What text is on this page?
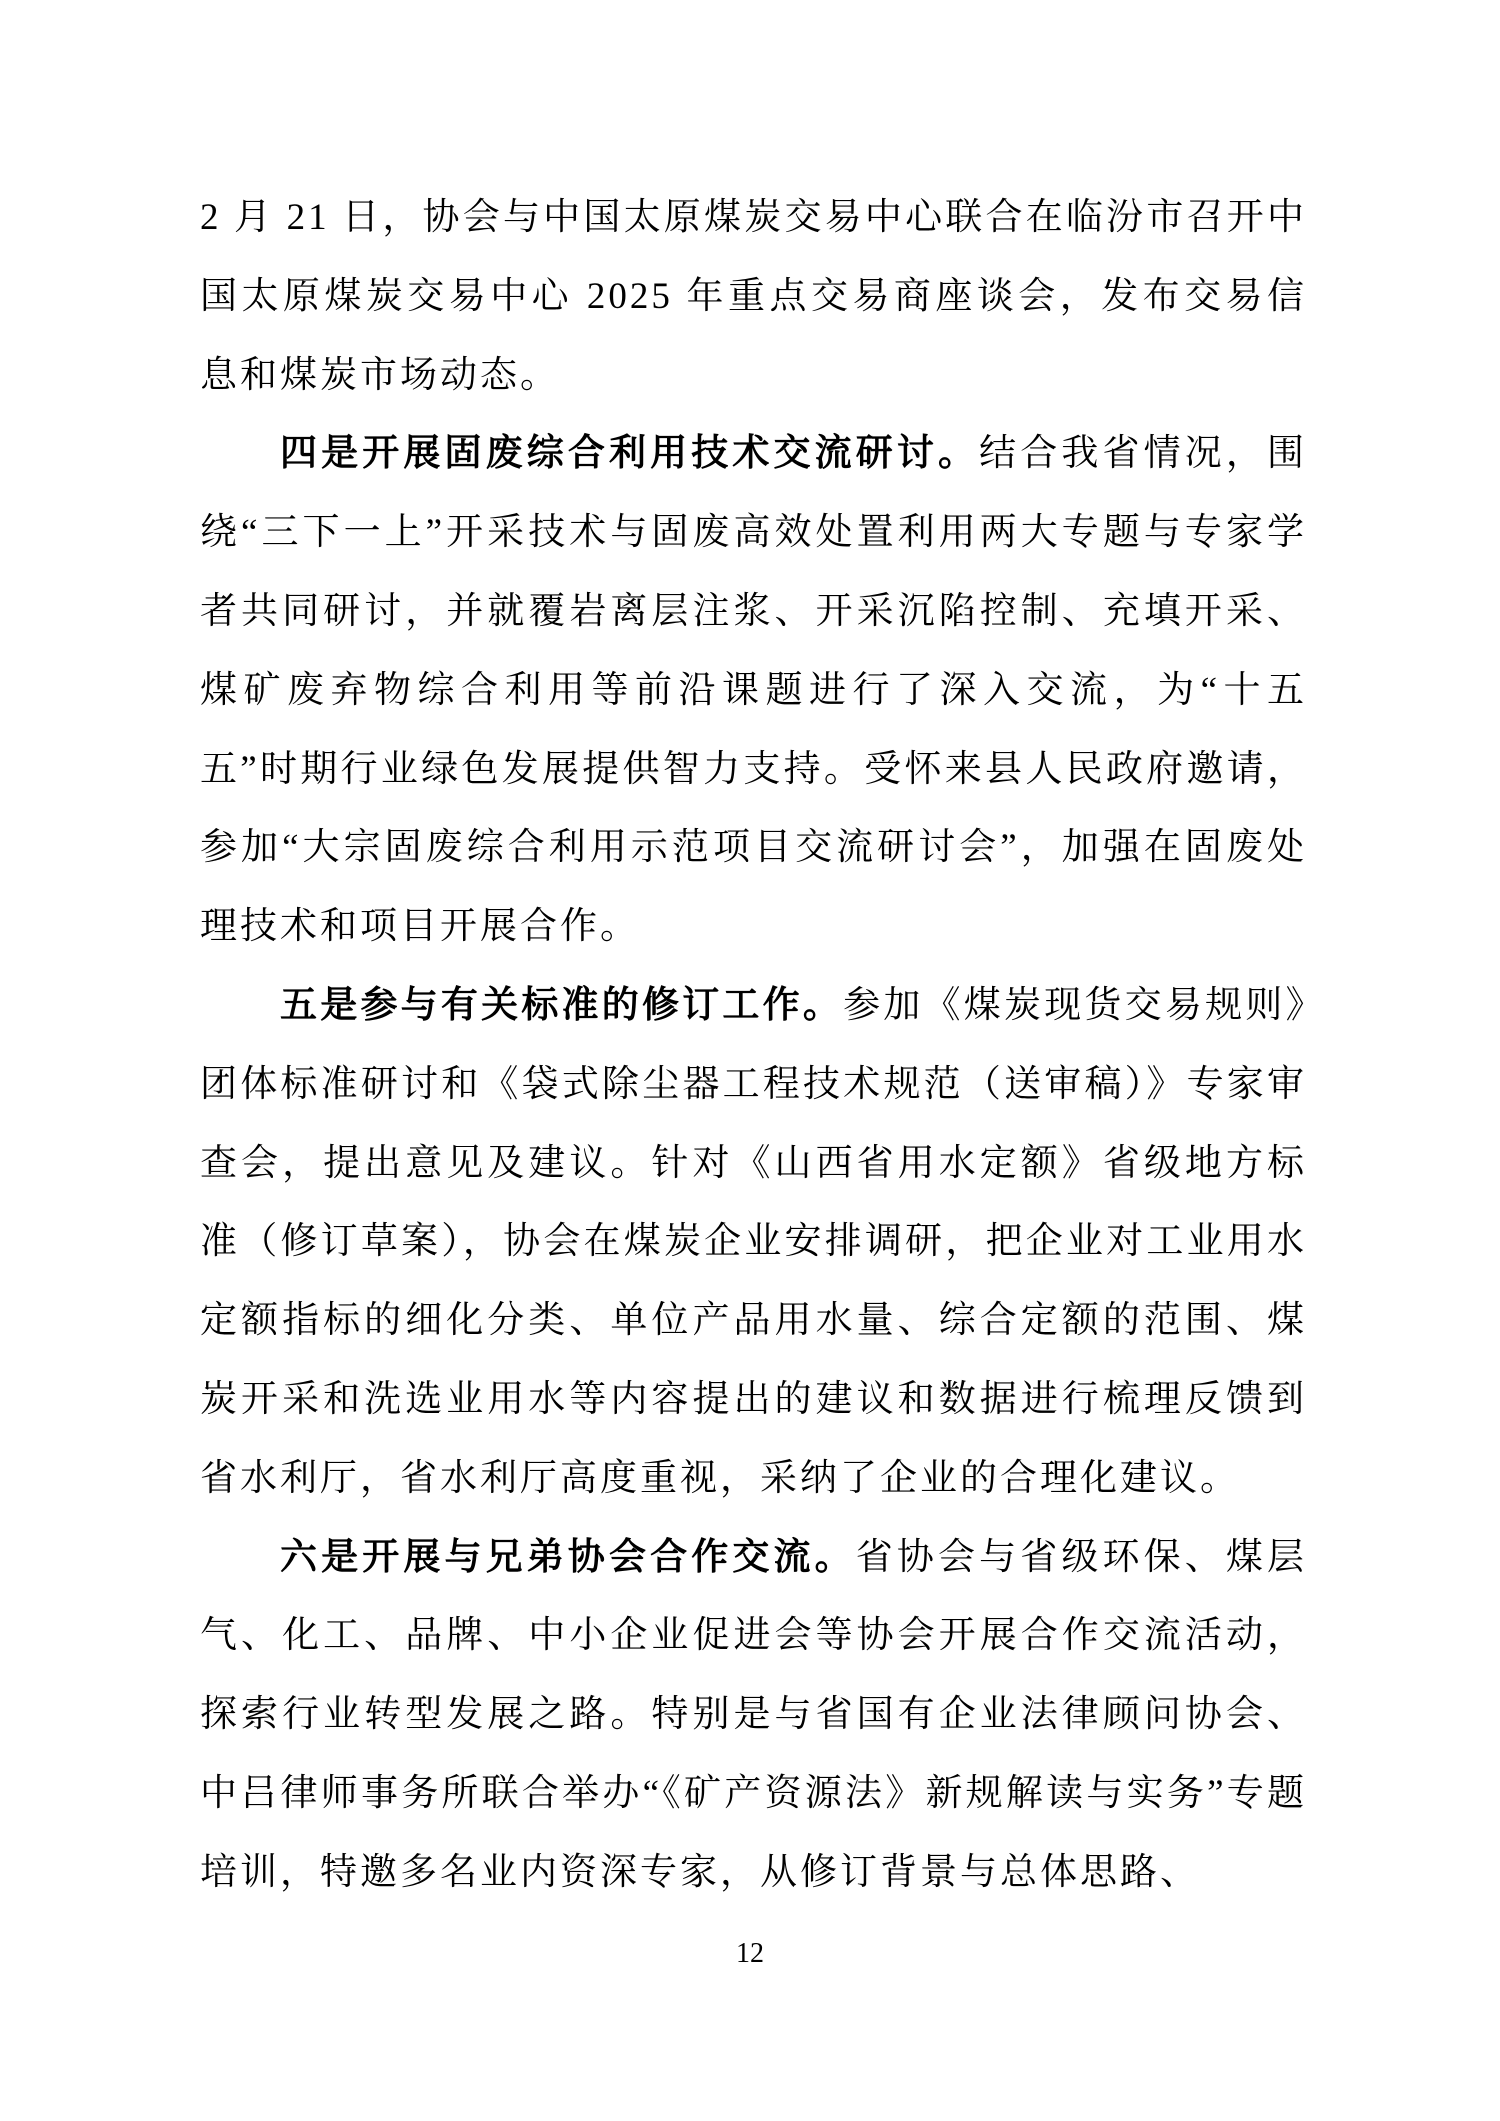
2 月 21 日，协会与中国太原煤炭交易中心联合在临汾市召开中国太原煤炭交易中心 2025 年重点交易商座谈会，发布交易信息和煤炭市场动态。

四是开展固废综合利用技术交流研讨。结合我省情况，围绕“三下一上”开采技术与固废高效处置利用两大专题与专家学者共同研讨，并就覆岩离层注浆、开采沉陷控制、充填开采、煤矿废弃物综合利用等前沿课题进行了深入交流，为“十五五”时期行业绿色发展提供智力支持。受怀来县人民政府邀请，参加“大宗固废综合利用示范项目交流研讨会”，加强在固废处理技术和项目开展合作。

五是参与有关标准的修订工作。参加《煤炭现货交易规则》团体标准研讨和《袋式除尘器工程技术规范（送审稿）》专家审查会，提出意见及建议。针对《山西省用水定额》省级地方标准（修订草案），协会在煤炭企业安排调研，把企业对工业用水定额指标的细化分类、单位产品用水量、综合定额的范围、煤炭开采和洗选业用水等内容提出的建议和数据进行梳理反馈到省水利厅，省水利厅高度重视，采纳了企业的合理化建议。

六是开展与兄弟协会合作交流。省协会与省级环保、煤层气、化工、品牌、中小企业促进会等协会开展合作交流活动，探索行业转型发展之路。特别是与省国有企业法律顾问协会、中吕律师事务所联合举办“《矿产资源法》新规解读与实务”专题培训，特邀多名业内资深专家，从修订背景与总体思路、

12
